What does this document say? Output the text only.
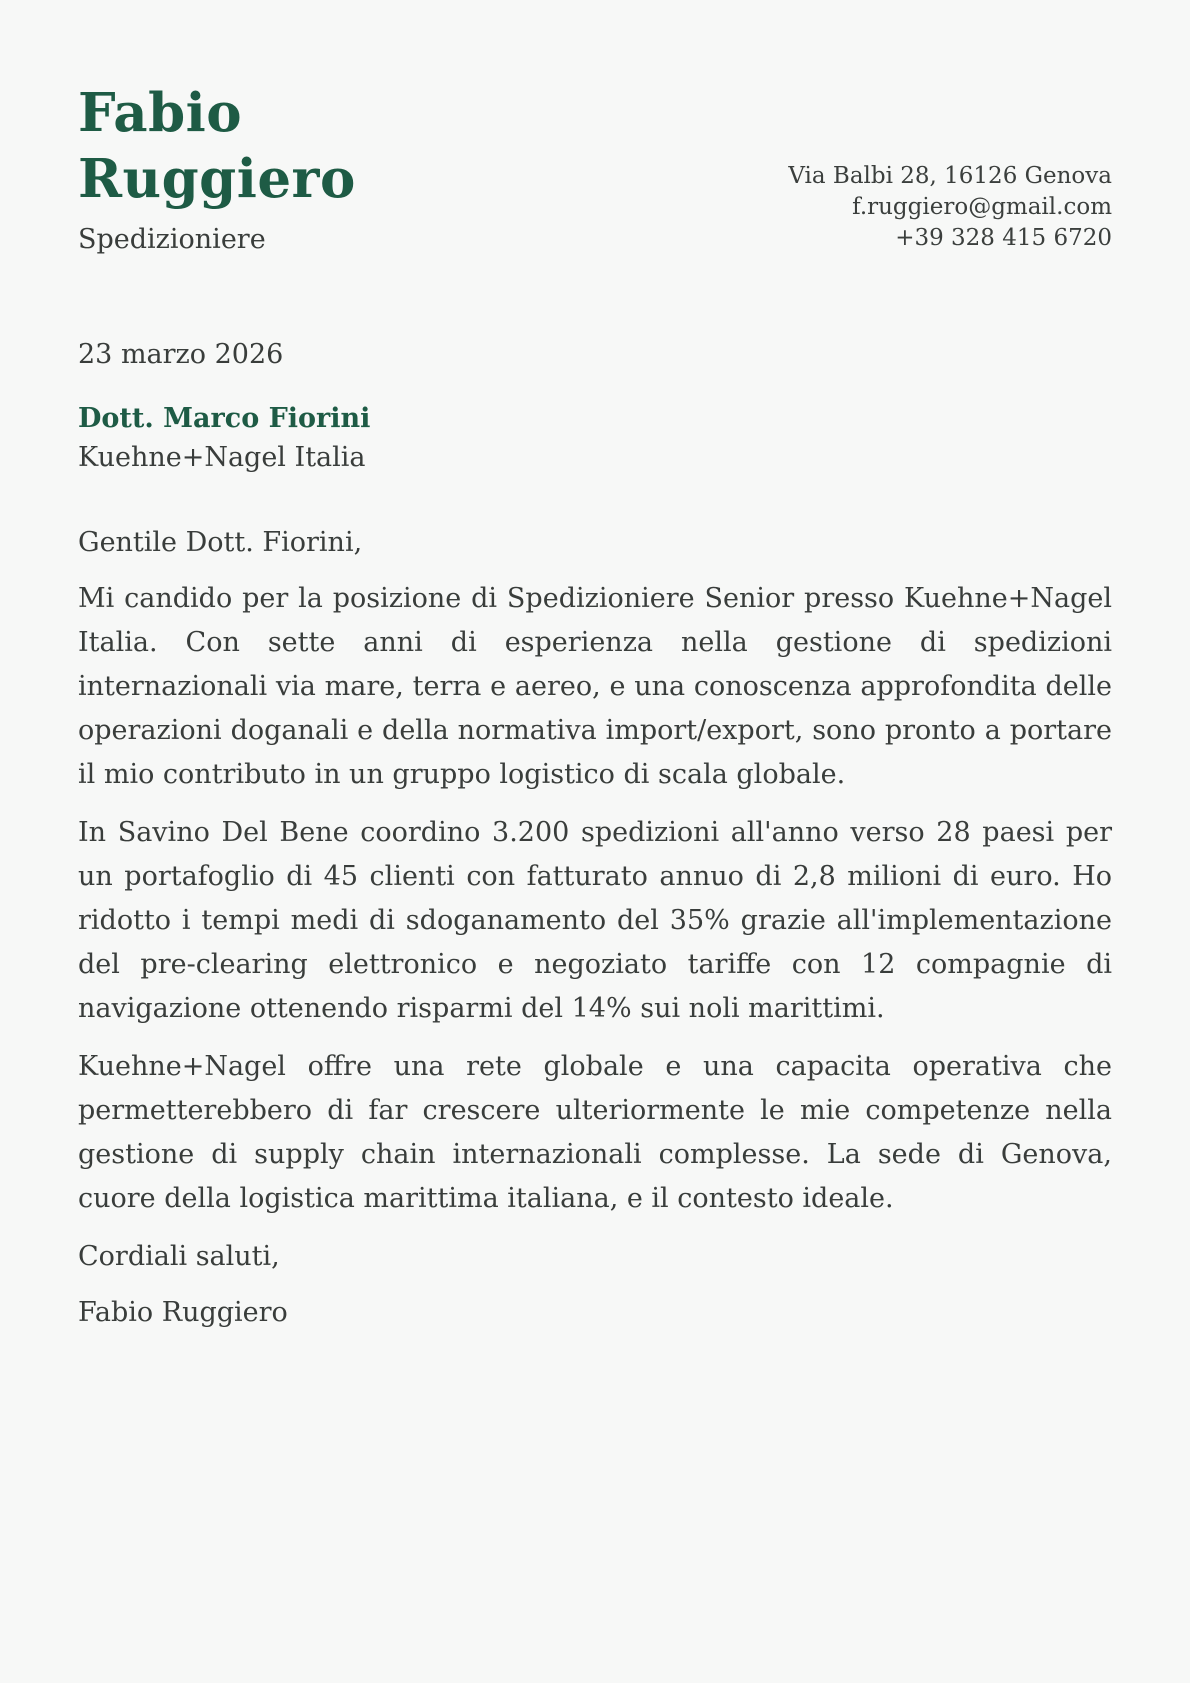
Fabio
Ruggiero
Spedizioniere
Via Balbi 28, 16126 Genova
f.ruggiero@gmail.com
+39 328 415 6720
23 marzo 2026
Dott. Marco Fiorini
Kuehne+Nagel Italia
Gentile Dott. Fiorini,

Mi candido per la posizione di Spedizioniere Senior presso Kuehne+Nagel Italia. Con sette anni di esperienza nella gestione di spedizioni internazionali via mare, terra e aereo, e una conoscenza approfondita delle operazioni doganali e della normativa import/export, sono pronto a portare il mio contributo in un gruppo logistico di scala globale.

In Savino Del Bene coordino 3.200 spedizioni all'anno verso 28 paesi per un portafoglio di 45 clienti con fatturato annuo di 2,8 milioni di euro. Ho ridotto i tempi medi di sdoganamento del 35% grazie all'implementazione del pre-clearing elettronico e negoziato tariffe con 12 compagnie di navigazione ottenendo risparmi del 14% sui noli marittimi.

Kuehne+Nagel offre una rete globale e una capacita operativa che permetterebbero di far crescere ulteriormente le mie competenze nella gestione di supply chain internazionali complesse. La sede di Genova, cuore della logistica marittima italiana, e il contesto ideale.

Cordiali saluti,
Fabio Ruggiero
